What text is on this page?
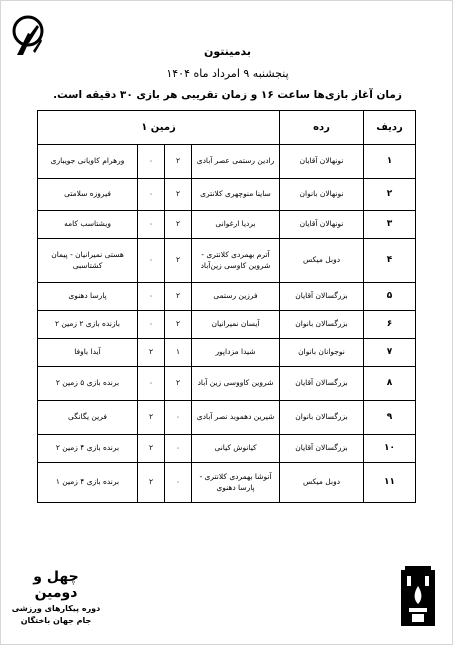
بدمینتون
پنجشنبه ۹ امرداد ماه ۱۴۰۴
زمان آغاز بازی‌ها ساعت ۱۶ و زمان تقریبی هر بازی ۳۰ دقیقه است.
ردیف	رده	زمین ۱			
۱	نونهالان آقایان	رادین رستمی عصر آبادی	۲	۰	ورهرام کاویانی جویباری
۲	نونهالان بانوان	ساینا منوچهری کلانتری	۲	۰	فیروزه سلامتی
۳	نونهالان آقایان	بردیا ارغوانی	۲	۰	ویشتاسب کامه
۴	دوبل میکس	آترم بهمردی کلانتری - شروین کاوسی زین‌آباد	۲	۰	هستی نمیرانیان - پیمان کشتاسبی
۵	بزرگسالان آقایان	فرزین رستمی	۲	۰	پارسا دهنوی
۶	بزرگسالان بانوان	آیسان نمیرانیان	۲	۰	بازنده بازی ۲ زمین ۲
۷	نوجوانان بانوان	شیدا مزداپور	۱	۲	آیدا باوفا
۸	بزرگسالان آقایان	شروین کاووسی زین آباد	۲	۰	برنده بازی ۵ زمین ۲
۹	بزرگسالان بانوان	شیرین دهموبد نصر آبادی	۰	۲	فرین یگانگی
۱۰	بزرگسالان آقایان	کیانوش کیانی	۰	۲	برنده بازی ۴ زمین ۲
۱۱	دوبل میکس	آنوشا بهمردی کلانتری - پارسا دهنوی	۰	۲	برنده بازی ۴ زمین ۱
چهل و دومین
دوره پیکارهای ورزشی
جام جهان باختگان
